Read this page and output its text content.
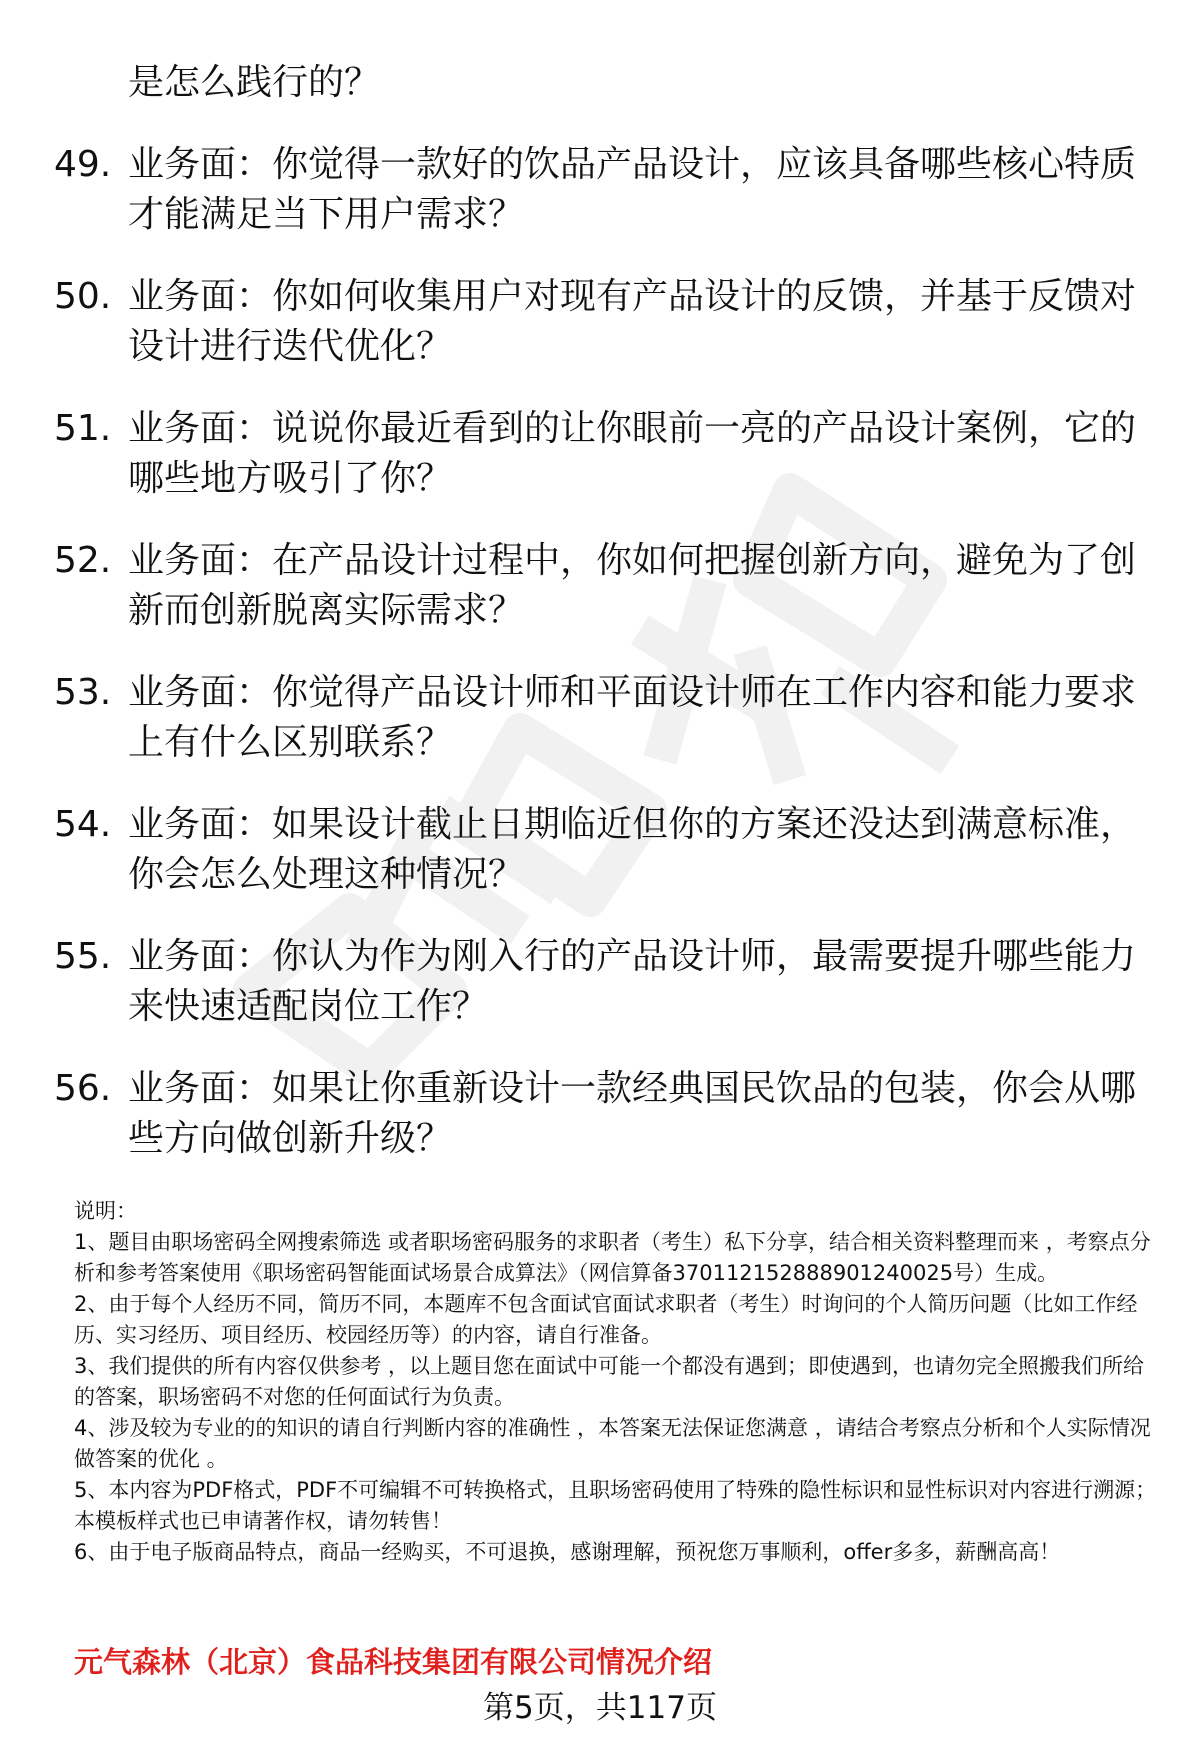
是怎么践行的？

49. 业务面：你觉得一款好的饮品产品设计，应该具备哪些核心特质才能满足当下用户需求？
50. 业务面：你如何收集用户对现有产品设计的反馈，并基于反馈对设计进行迭代优化？
51. 业务面：说说你最近看到的让你眼前一亮的产品设计案例，它的哪些地方吸引了你？
52. 业务面：在产品设计过程中，你如何把握创新方向，避免为了创新而创新脱离实际需求？
53. 业务面：你觉得产品设计师和平面设计师在工作内容和能力要求上有什么区别联系？
54. 业务面：如果设计截止日期临近但你的方案还没达到满意标准，你会怎么处理这种情况？
55. 业务面：你认为作为刚入行的产品设计师，最需要提升哪些能力来快速适配岗位工作？
56. 业务面：如果让你重新设计一款经典国民饮品的包装，你会从哪些方向做创新升级？

说明：

1、题目由职场密码全网搜索筛选 或者职场密码服务的求职者（考生）私下分享，结合相关资料整理而来 ，考察点分析和参考答案使用《职场密码智能面试场景合成算法》（网信算备370112152888901240025号）生成。

2、由于每个人经历不同，简历不同，本题库不包含面试官面试求职者（考生）时询问的个人简历问题（比如工作经历、实习经历、项目经历、校园经历等）的内容，请自行准备。

3、我们提供的所有内容仅供参考 ，以上题目您在面试中可能一个都没有遇到；即使遇到，也请勿完全照搬我们所给的答案，职场密码不对您的任何面试行为负责。

4、涉及较为专业的的知识的请自行判断内容的准确性 ，本答案无法保证您满意 ，请结合考察点分析和个人实际情况做答案的优化 。

5、本内容为PDF格式，PDF不可编辑不可转换格式，且职场密码使用了特殊的隐性标识和显性标识对内容进行溯源；本模板样式也已申请著作权，请勿转售！

6、由于电子版商品特点，商品一经购买，不可退换，感谢理解，预祝您万事顺利，offer多多，薪酬高高！

元气森林（北京）食品科技集团有限公司情况介绍
第5页，共117页
